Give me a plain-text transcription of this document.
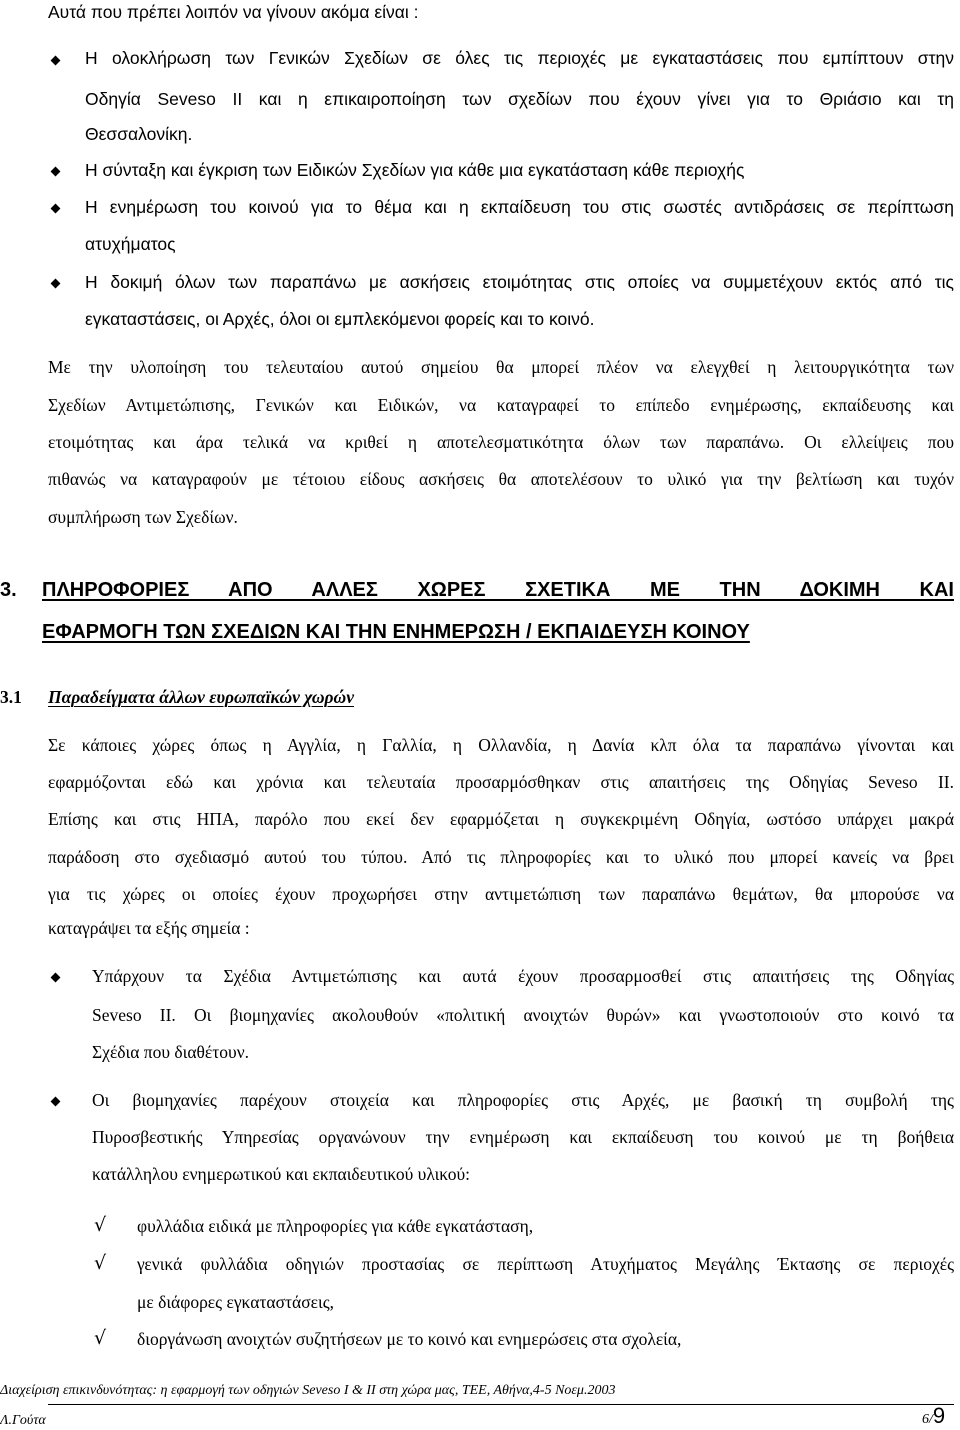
Αυτά που πρέπει λοιπόν να γίνουν ακόμα είναι :
Η ολοκλήρωση των Γενικών Σχεδίων σε όλες τις περιοχές με εγκαταστάσεις που εμπίπτουν στην
Οδηγία Seveso II και η επικαιροποίηση των σχεδίων που έχουν γίνει για το Θριάσιο και τη
Θεσσαλονίκη.
Η σύνταξη και έγκριση των Ειδικών Σχεδίων για κάθε μια εγκατάσταση κάθε περιοχής
Η ενημέρωση του κοινού για το θέμα και η εκπαίδευση του στις σωστές αντιδράσεις σε περίπτωση
ατυχήματος
Η δοκιμή όλων των παραπάνω με ασκήσεις ετοιμότητας στις οποίες να συμμετέχουν εκτός από τις
εγκαταστάσεις, οι Αρχές, όλοι οι εμπλεκόμενοι φορείς και το κοινό.
Με την υλοποίηση του τελευταίου αυτού σημείου θα μπορεί πλέον να ελεγχθεί η λειτουργικότητα των
Σχεδίων Αντιμετώπισης, Γενικών και Ειδικών, να καταγραφεί το επίπεδο ενημέρωσης, εκπαίδευσης και
ετοιμότητας και άρα τελικά να κριθεί η αποτελεσματικότητα όλων των παραπάνω. Οι ελλείψεις που
πιθανώς να καταγραφούν με τέτοιου είδους ασκήσεις θα αποτελέσουν το υλικό για την βελτίωση και τυχόν
συμπλήρωση των Σχεδίων.
3. ΠΛΗΡΟΦΟΡΙΕΣ ΑΠΟ ΑΛΛΕΣ ΧΩΡΕΣ ΣΧΕΤΙΚΑ ΜΕ ΤΗΝ ΔΟΚΙΜΗ ΚΑΙ
ΕΦΑΡΜΟΓΗ ΤΩΝ ΣΧΕΔΙΩΝ ΚΑΙ ΤΗΝ ΕΝΗΜΕΡΩΣΗ / ΕΚΠΑΙΔΕΥΣΗ ΚΟΙΝΟΥ
3.1 Παραδείγματα άλλων ευρωπαϊκών χωρών
Σε κάποιες χώρες όπως η Αγγλία, η Γαλλία, η Ολλανδία, η Δανία κλπ όλα τα παραπάνω γίνονται και
εφαρμόζονται εδώ και χρόνια και τελευταία προσαρμόσθηκαν στις απαιτήσεις της Οδηγίας Seveso II.
Επίσης και στις ΗΠΑ, παρόλο που εκεί δεν εφαρμόζεται η συγκεκριμένη Οδηγία, ωστόσο υπάρχει μακρά
παράδοση στο σχεδιασμό αυτού του τύπου. Από τις πληροφορίες και το υλικό που μπορεί κανείς να βρει
για τις χώρες οι οποίες έχουν προχωρήσει στην αντιμετώπιση των παραπάνω θεμάτων, θα μπορούσε να
καταγράψει τα εξής σημεία :
Υπάρχουν τα Σχέδια Αντιμετώπισης και αυτά έχουν προσαρμοσθεί στις απαιτήσεις της Οδηγίας
Seveso II. Οι βιομηχανίες ακολουθούν «πολιτική ανοιχτών θυρών» και γνωστοποιούν στο κοινό τα
Σχέδια που διαθέτουν.
Οι βιομηχανίες παρέχουν στοιχεία και πληροφορίες στις Αρχές, με βασική τη συμβολή της
Πυροσβεστικής Υπηρεσίας οργανώνουν την ενημέρωση και εκπαίδευση του κοινού με τη βοήθεια
κατάλληλου ενημερωτικού και εκπαιδευτικού υλικού:
√ φυλλάδια ειδικά με πληροφορίες για κάθε εγκατάσταση,
√ γενικά φυλλάδια οδηγιών προστασίας σε περίπτωση Ατυχήματος Μεγάλης Έκτασης σε περιοχές
με διάφορες εγκαταστάσεις,
√ διοργάνωση ανοιχτών συζητήσεων με το κοινό και ενημερώσεις στα σχολεία,
Διαχείριση επικινδυνότητας: η εφαρμογή των οδηγιών Seveso I & II στη χώρα μας, ΤΕΕ, Αθήνα,4-5 Νοεμ.2003
Λ.Γούτα	6/9
